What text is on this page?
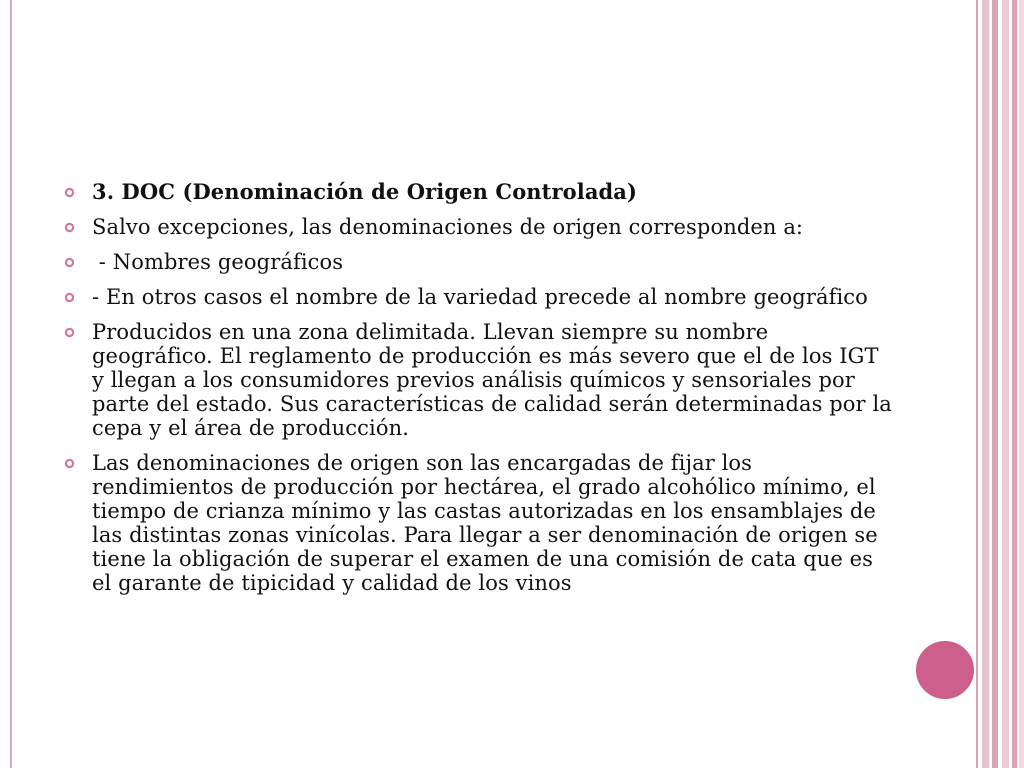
3. DOC (Denominación de Origen Controlada)
Salvo excepciones, las denominaciones de origen corresponden a:
- Nombres geográficos
- En otros casos el nombre de la variedad precede al nombre geográfico
Producidos en una zona delimitada. Llevan siempre su nombre geográfico. El reglamento de producción es más severo que el de los IGT y llegan a los consumidores previos análisis químicos y sensoriales por parte del estado. Sus características de calidad serán determinadas por la cepa y el área de producción.
Las denominaciones de origen son las encargadas de fijar los rendimientos de producción por hectárea, el grado alcohólico mínimo, el tiempo de crianza mínimo y las castas autorizadas en los ensamblajes de las distintas zonas vinícolas. Para llegar a ser denominación de origen se tiene la obligación de superar el examen de una comisión de cata que es el garante de tipicidad y calidad de los vinos
